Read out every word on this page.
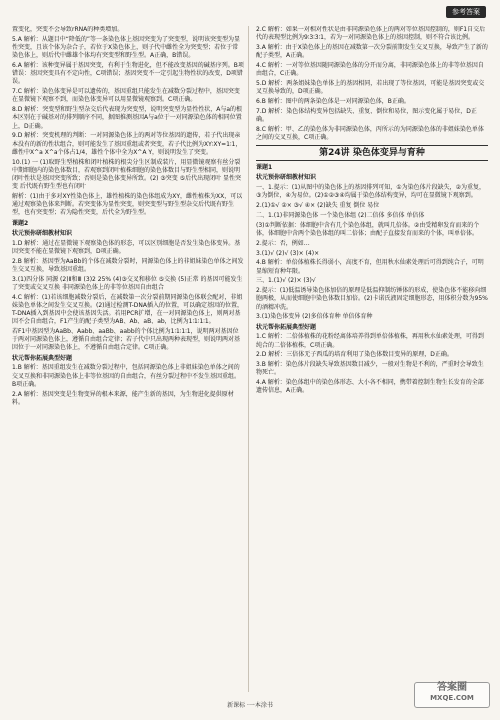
参考答案

置变化，突变不会导致rRNA的种类增加。

5.A 解析：从题目中“降低的”等一条染色体上基因突变为了突变型，说明该突变型为显性突变，且该个体为杂合子，若位于X染色体上，则子代中雌性全为突变型；若位于常染色体上，则后代中雌雄个体均有突变型和野生型。A正确，B错误。

6.A 解析：该种变异属于基因突变，有利于生物进化，但不能改变基因的碱基序列。B项错误：基因突变具有不定向性，C项错误；基因突变不一定引起生物性状的改变，D项错误。

7.C 解析：染色体变异是可以遗传的，基因重组只能发生在减数分裂过程中，基因突变在显微镜下观察不到，而染色体变异可以用显微镜观察到。C项正确。

8.D 解析：突变型和野生型杂交后代表现为突变型，说明突变型为显性性状，A与a的根本区别在于碱基对的排列顺序不同，据图推测基因A与a位于一对同源染色体的相同位置上，D正确。

9.D 解析：突变机理的判断：一对同源染色体上的两对等位基因的遗传，若子代出现亲本没有的新的性状组合，则可能发生了基因重组或者突变，若子代比例为XY∶XY=1∶1，雌性中X^a X^a个体占1/4，雄性个体中全为X^A Y，则说明发生了突变。

10.(1) 一 (1)取野生型植株和闭叶植株的根尖分生区制成装片，用显微镜观察有丝分裂中期细胞内的染色体数目，若观察到闭叶植株细胞的染色体数目与野生型相同，则说明闭叶性状是基因突变所致；否则是染色体变异所致。(2) ③突变 ⑤后代出现闭叶 显性突变 后代既有野生型也有闭叶

解析：(1)由于多对XY性染色体上，雄性植株的染色体组成为XY，雌性植株为XX，可以通过观察染色体来判断。若突变体为显性突变，则突变型与野生型杂交后代既有野生型，也有突变型；若为隐性突变，后代全为野生型。

课题2

状元预你研细教材知识

1.D 解析：通过在显微镜下观察染色体的形态，可以区别细胞是否发生染色体变异。基因突变不能在显微镜下观察到，D项正确。

2.B 解析：基因型为AaBb的个体在减数分裂时，同源染色体上的非姐妹染色单体之间发生交叉互换，导致基因重组。

3.(1)四分体 同源 (2)Ⅱ和Ⅲ (3)2 25% (4)③交叉和移位 ⑤交换 (5)正常 的基因可能发生了突变或交叉互换 非同源染色体上的非等位基因自由组合

4.C 解析：(1)若该细胞减数分裂后，在减数第一次分裂前期同源染色体联会配对，非姐妹染色单体之间发生交叉互换。(2)通过检测T-DNA插入的位置，可以确定基因的位置，T-DNA插入到基因中会使该基因失活。若用PCR扩增，在一对同源染色体上，则两对基因不会自由组合，F1产生的配子类型为AB、Ab、aB、ab，比例为1∶1∶1∶1。

若F1中基因型为AaBb、Aabb、aaBb、aabb的个体比例为1∶1∶1∶1，说明两对基因位于两对同源染色体上，遵循自由组合定律；若子代中只出现两种表现型，则说明两对基因位于一对同源染色体上，不遵循自由组合定律。C项正确。

状元帮你拓展典型好题

1.B 解析：基因重组发生在减数分裂过程中，包括同源染色体上非姐妹染色单体之间的交叉互换和非同源染色体上非等位基因的自由组合，有丝分裂过程中不发生基因重组。B项正确。

2.A 解析：基因突变是生物变异的根本来源，能产生新的基因，为生物进化提供原材料。

2.C 解析：如果一对相对性状是由非同源染色体上的两对等位基因控制的，则F1自交后代的表现型比例为9∶3∶3∶1，若为一对同源染色体上的基因控制，则不符合该比例。

3.A 解析：由于X染色体上的基因在减数第一次分裂前期发生交叉互换，导致产生了新的配子类型，A正确。

4.C 解析：一对等位基因随同源染色体的分开而分离，非同源染色体上的非等位基因自由组合，C正确。

5.D 解析：两条姐妹染色单体上的基因相同，若出现了等位基因，可能是基因突变或交叉互换导致的，D项正确。

6.B 解析：图中的两条染色体是一对同源染色体，B正确。

7.D 解析：染色体结构变异包括缺失、重复、倒位和易位，图示变化属于易位，D正确。

8.C 解析：甲、乙的染色体为非同源染色体，丙所示的为同源染色体的非姐妹染色单体之间的交叉互换，C项正确。

第24讲 染色体变异与育种

课题1

状元预你研细教材知识

一、1.提示：(1)从图中的染色体上的基因排列可知，①为染色体片段缺失，②为重复，③为倒位，④为易位。(2)①②③④均属于染色体结构变异，均可在显微镜下观察到。

2.(1)①√ ②× ③√ ④× (2)缺失 重复 倒位 易位

二、1.(1)非同源染色体 一个染色体组 (2)二倍体 多倍体 单倍体

(3)①判断依据：体细胞中含有几个染色体组，就叫几倍体。②由受精卵发育而来的个体，体细胞中含两个染色体组的叫二倍体；由配子直接发育而来的个体，叫单倍体。

2.提示：否，例如…

3.(1)√ (2)√ (3)× (4)×

4.B 解析：单倍体植株长得弱小，高度不育，但用秋水仙素处理后可得到纯合子，可明显缩短育种年限。

三、1.(1)√ (2)× (3)√

2.提示：(1)低温诱导染色体加倍的原理是低温抑制纺锤体的形成，使染色体不能移向细胞两极，从而使细胞中染色体数目加倍。(2)卡诺氏液固定细胞形态，用体积分数为95%的酒精冲洗。

3.(1)染色体变异 (2)多倍体育种 单倍体育种

状元帮你拓展典型好题

1.C 解析：二倍体植株的花粉经离体培养得到单倍体植株，再用秋水仙素处理，可得到纯合的二倍体植株，C项正确。

2.D 解析：三倍体无子西瓜的培育利用了染色体数目变异的原理，D正确。

3.B 解析：染色体片段缺失导致基因数目减少，一般对生物是不利的，严重时会导致生物死亡。

4.A 解析：染色体组中的染色体形态、大小各不相同，携带着控制生物生长发育的全部遗传信息，A正确。

新课标 ·一本涂书
答案圈
MXQE.COM
